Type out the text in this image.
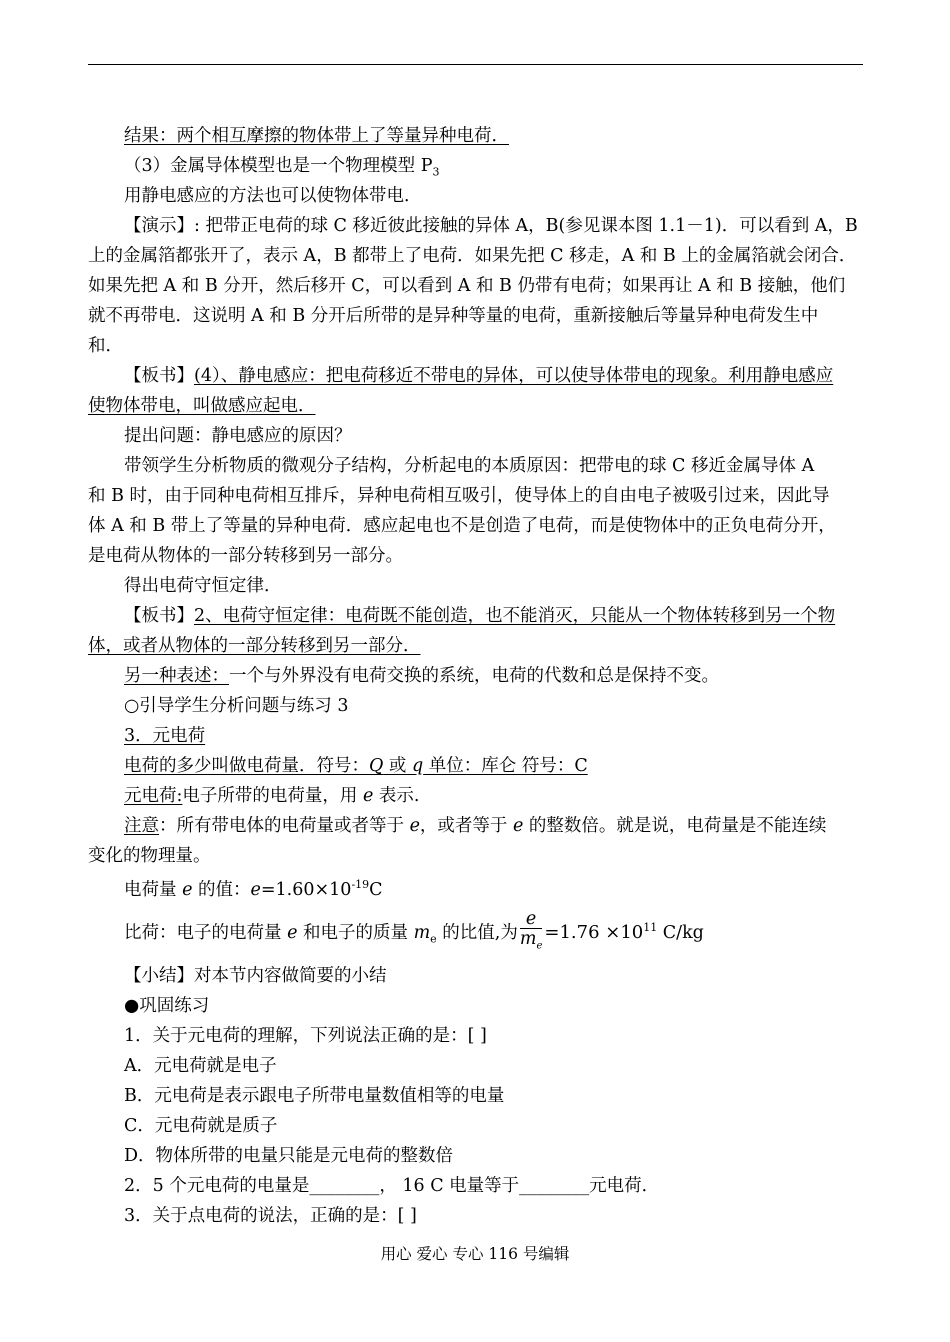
结果：两个相互摩擦的物体带上了等量异种电荷．
（3）金属导体模型也是一个物理模型 $P_3$
用静电感应的方法也可以使物体带电．
【演示】: 把带正电荷的球 C 移近彼此接触的异体 A，B(参见课本图 1.1－1)．可以看到 A，B
上的金属箔都张开了，表示 A，B 都带上了电荷．如果先把 C 移走，A 和 B 上的金属箔就会闭合．
如果先把 A 和 B 分开，然后移开 C，可以看到 A 和 B 仍带有电荷；如果再让 A 和 B 接触，他们
就不再带电．这说明 A 和 B 分开后所带的是异种等量的电荷，重新接触后等量异种电荷发生中
和．
【板书】(4）、静电感应：把电荷移近不带电的异体，可以使导体带电的现象。利用静电感应
使物体带电，叫做感应起电．
提出问题：静电感应的原因？
带领学生分析物质的微观分子结构，分析起电的本质原因：把带电的球 C 移近金属导体 A
和 B 时，由于同种电荷相互排斥，异种电荷相互吸引，使导体上的自由电子被吸引过来，因此导
体 A 和 B 带上了等量的异种电荷．感应起电也不是创造了电荷，而是使物体中的正负电荷分开，
是电荷从物体的一部分转移到另一部分。
得出电荷守恒定律．
【板书】2、电荷守恒定律：电荷既不能创造，也不能消灭，只能从一个物体转移到另一个物
体，或者从物体的一部分转移到另一部分．
另一种表述：一个与外界没有电荷交换的系统，电荷的代数和总是保持不变。
○引导学生分析问题与练习 3
3．元电荷
电荷的多少叫做电荷量．符号：Q 或 q 单位：库仑 符号：C
元电荷:电子所带的电荷量，用 e 表示.
注意：所有带电体的电荷量或者等于 e，或者等于 e 的整数倍。就是说，电荷量是不能连续
变化的物理量。
电荷量 e 的值：$e=1.60\times 10^{-19}C$
比荷：电子的电荷量 e 和电子的质量 $m_e$ 的比值,为 $\frac{e}{m_e} =1.76 \times 10^{11}$ C/kg
【小结】对本节内容做简要的小结
●巩固练习
1．关于元电荷的理解，下列说法正确的是：[ ]
A．元电荷就是电子
B．元电荷是表示跟电子所带电量数值相等的电量
C．元电荷就是质子
D．物体所带的电量只能是元电荷的整数倍
2．5 个元电荷的电量是________， 16 C 电量等于________元电荷．
3．关于点电荷的说法，正确的是：[ ]
用心 爱心 专心 116 号编辑
